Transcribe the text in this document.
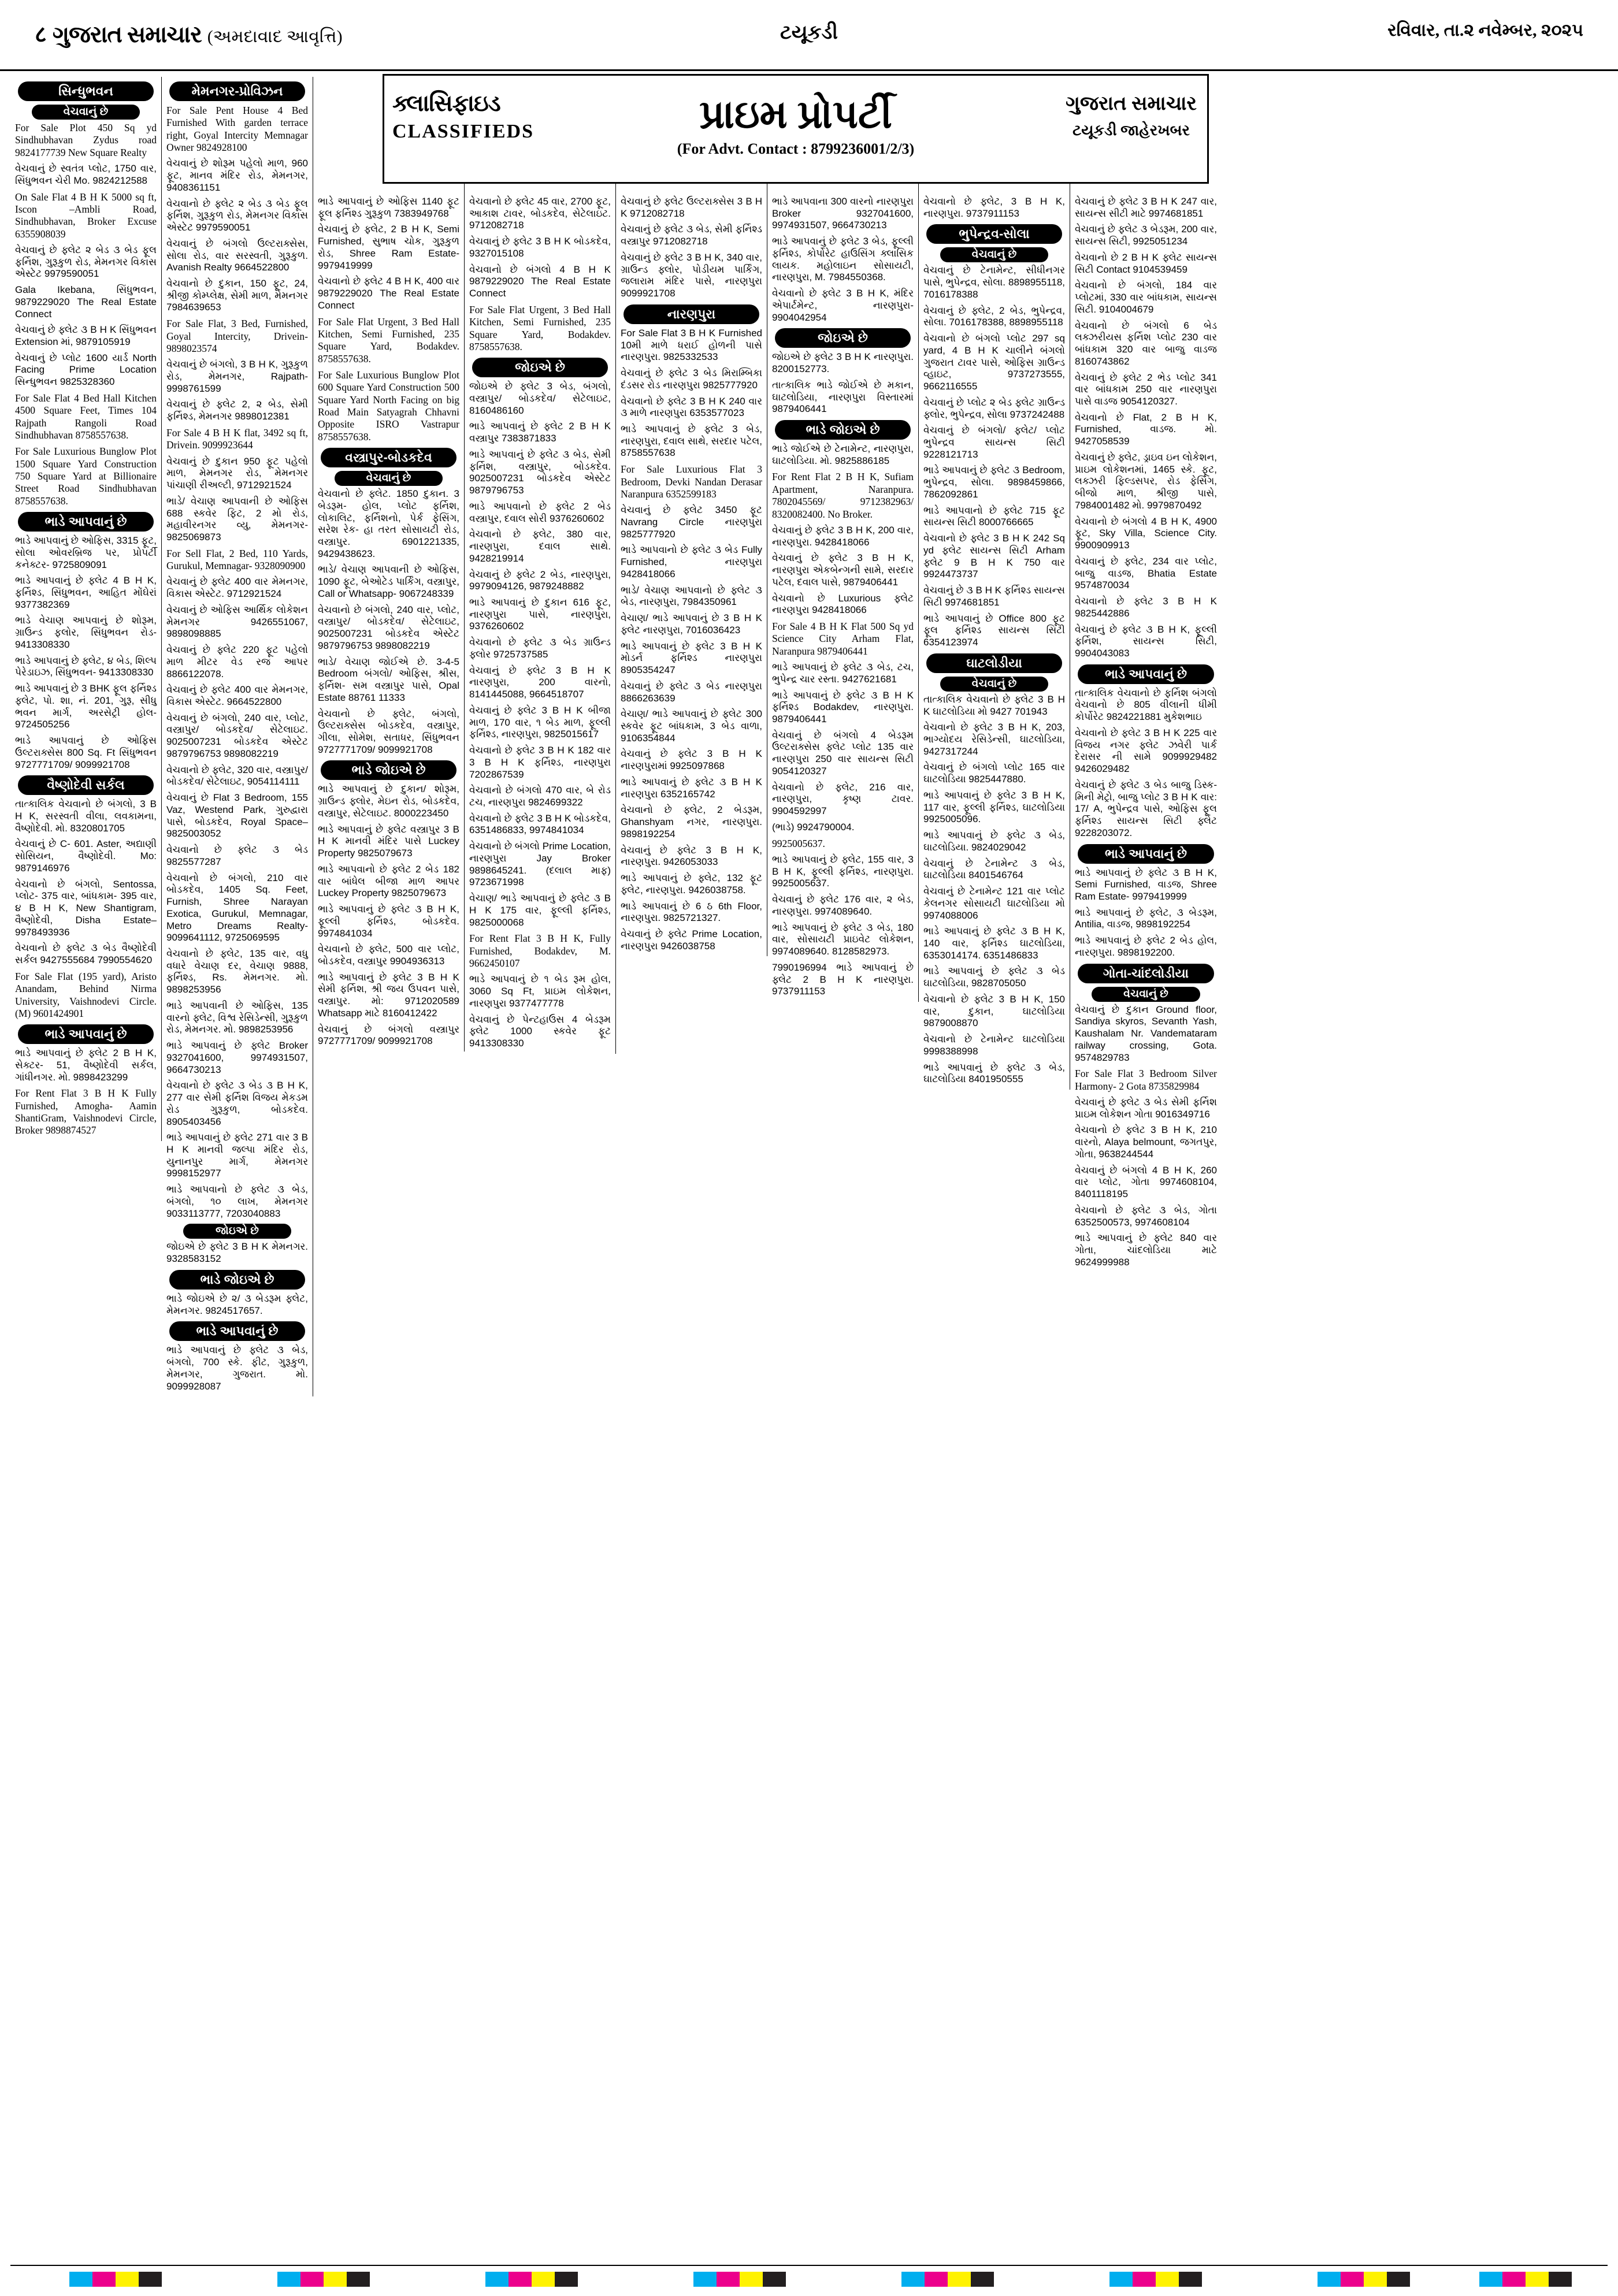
८ ગુજરાત સમાચાર (અમદાવાદ આવૃત્તિ)	ટયૂકડી	રવિવાર, તા.૨ નવેમ્બર, ૨૦૨૫
ક્લાસિફાઇડ
CLASSIFIEDS	પ્રાઇમ પ્રોપર્ટી
(For Advt. Contact : 8799236001/2/3)
ગુજરાત સમાચાર
ટયૂકડી જાહેરખબર
સિન્ધુભવન
વેચવાનું છે

For Sale Plot 450 Sq yd Sindhubhavan Zydus road 9824177739 New Square Realty

વેચવાનું છે સ્વતંત્ર પ્લોટ, 1750 વાર, સિંધુભવન ચેરી Mo. 9824212588

On Sale Flat 4 B H K 5000 sq ft, Iscon –Ambli Road, Sindhubhavan, Broker Excuse 6355908039

વેચવાનું છે ફ્લેટ ૨ બેડ ૩ બેડ ફૂલ ફર્નિશ, ગુરૂકુળ રોડ, મેમનગર વિકાસ એસ્ટેટ 9979590051

Gala Ikebana, સિંધુભવન, 9879229020 The Real Estate Connect

વેચવાનું છે ફ્લેટ ૩ B H K સિંધુભવન Extension માં, 9879105919

વેચવાનું છે પ્લોટ 1600 યાર્ડ North Facing Prime Location સિન્ધુભવન 9825328360

For Sale Flat 4 Bed Hall Kitchen 4500 Square Feet, Times 104 Rajpath Rangoli Road Sindhubhavan 8758557638.

For Sale Luxurious Bunglow Plot 1500 Square Yard Construction 750 Square Yard at Billionaire Street Road Sindhubhavan 8758557638.

ભાડે આપવાનું છે

ભાડે આપવાનું છે ઓફિસ, 3315 ફૂટ, સોલા ઓવરબ્રિજ પર, પ્રોપર્ટી કનેક્ટર- 9725809091

ભાડે આપવાનું છે ફ્લેટ 4 B H K, ફર્નિશ્ડ, સિંધુભવન, આહિત મોંઘેરાં 9377382369

ભાડે વેચાણ આપવાનું છે શોરૂમ, ગ્રાઉન્ડ ફલોર, સિંધુભવન રોડ- 9413308330

ભાડે આપવાનું છે ફ્લેટ, ૪ બેડ, શિલ્પ પેરેડાઇઝ, સિંધુભવન- 9413308330

ભાડે આપવાનું છે 3 BHK ફૂલ ફર્નિશ્ડ ફ્લેટ, પો. શા, નં. 201, ગુરૂ, સીધુ ભવન માર્ગ, અરસેટ્રી હોલ- 9724505256

ભાડે આપવાનું છે ઓફિસ ઉલ્ટરાક્સેસ 800 Sq. Ft સિંધુભવન 9727771709/ 9099921708

વૈષ્ણોદેવી સર્કલ

તાત્કાલિક વેચવાનો છે બંગલો, 3 B H K, સરસ્વતી વીલા, લવકામના, વૈષ્ણોદેવી. મો. 8320801705

વેચવાનું છે C- 601. Aster, અદ્યાણી સોસિયન, વૈષ્ણોદેવી. Mo: 9879146976

વેચવાનો છે બંગલો, Sentossa, પ્લોટ- 375 વાર, બાંધકામ- 395 વાર, ૪ B H K, New Shantigram, વૈષ્ણોદેવી, Disha Estate– 9978493936

વેચવાનો છે ફ્લેટ ૩ બેડ વૈષ્ણોદેવી સર્કલ 9427555684 7990554620

For Sale Flat (195 yard), Aristo Anandam, Behind Nirma University, Vaishnodevi Circle. (M) 9601424901

ભાડે આપવાનું છે

ભાડે આપવાનું છે ફ્લેટ 2 B H K, સેક્ટર- 51, વૈષ્ણોદેવી સર્કલ, ગાંધીનગર. મો. 9898423299

For Rent Flat 3 B H K Fully Furnished, Amogha- Aamin ShantiGram, Vaishnodevi Circle, Broker 9898874527

મેમનગર-પ્રોવિઝન

For Sale Pent House 4 Bed Furnished With garden terrace right, Goyal Intercity Memnagar Owner 9824928100

વેચવાનું છે શોરૂમ પહેલો માળ, 960 ફૂટ, માનવ મંદિર રોડ, મેમનગર, 9408361151

વેચવાનો છે ફ્લેટ ૨ બેડ ૩ બેડ ફૂલ ફર્નિશ, ગુરૂકુળ રોડ, મેમનગર વિકાસ એસ્ટેટ 9979590051

વેચવાનું છે બંગલો ઉલ્ટરાક્સેસ, સોલા રોડ, વાર સરસ્વતી, ગુરૂકુળ. Avanish Realty 9664522800

વેચવાનો છે દુકાન, 150 ફૂટ, 24, શ્રીજી કોમ્પ્લેક્ષ, સેમી માળ, મેમનગર 7984639653

For Sale Flat, 3 Bed, Furnished, Goyal Intercity, Drivein- 9898023574

વેચવાનું છે બંગલો, 3 B H K, ગુરૂકુળ રોડ, મેમનગર, Rajpath- 9998761599

વેચવાનું છે ફ્લેટ 2, ૨ બેડ, સેમી ફર્નિશ્ડ, મેમનગર 9898012381

For Sale 4 B H K flat, 3492 sq ft, Drivein. 9099923644

વેચવાનું છે દુકાન 950 ફૂટ પહેલો માળ, મેમનગર રોડ, મેમનગર પાંચાણી રીઅલ્ટી, 9712921524

ભાડે/ વેચાણ આપવાની છે ઓફિસ 688 સ્કવેર ફિટ, 2 મો રોડ, મહાવીરનગર વ્યુ, મેમનગર- 9825069873

For Sell Flat, 2 Bed, 110 Yards, Gurukul, Memnagar- 9328090900

વેચવાનું છે ફ્લેટ 400 વાર મેમનગર, વિકાસ એસ્ટેટ. 9712921524

વેચવાનું છે ઓફિસ આર્થિક લોકેશન મેમનગર 9426551067, 9898098885

વેચવાનું છે ફ્લેટ 220 ફૂટ પહેલો માળ મીટર વેડ રજ આપર 8866122078.

વેચવાનું છે ફ્લેટ 400 વાર મેમનગર, વિકાસ એસ્ટેટ. 9664522800

વેચવાનું છે બંગલો, 240 વાર, પ્લોટ, વસ્ત્રાપુર/ બોડકદેવ/ સેટેલાઇટ. 9025007231 બોડકદેવ એસ્ટેટ 9879796753 9898082219

વેચવાનો છે ફ્લેટ, 320 વાર, વસ્ત્રાપુર/ બોડકદેવ/ સેટેલાઇટ, 9054114111

વેચવાનું છે Flat 3 Bedroom, 155 Vaz, Westend Park, ગુરુદ્વારા પાસે, બોડકદેવ, Royal Space–9825003052

વેચવાનો છે ફ્લેટ ૩ બેડ 9825577287

વેચવાનો છે બંગલો, 210 વાર બોડકદેવ, 1405 Sq. Feet, Furnish, Shree Narayan Exotica, Gurukul, Memnagar, Metro Dreams Realty- 9099641112, 9725069595

વેચવાનો છે ફ્લેટ, 135 વાર, વધુ વધારે વેચાણ દર, વેચાણ 9888, ફર્નિશ્ડ, Rs. મેમનગર. મો. 9898253956

ભાડે આપવાની છે ઓફિસ, 135 વારનો ફ્લેટ, વિશ્વ રેસિડેન્સી, ગુરૂકુળ રોડ, મેમનગર. મો. 9898253956

ભાડે આપવાનું છે ફ્લેટ Broker 9327041600, 9974931507, 9664730213

વેચવાનો છે ફ્લેટ ૩ બેડ ૩ B H K, 277 વાર સેમી ફર્નિશ વિજય મેકડમ રોડ ગુરૂકુળ, બોડકદેવ. 8905403456

ભાડે આપવાનું છે ફ્લેટ 271 વાર 3 B H K માનવી જલ્પા મંદિર રોડ, યુનાનપુર માર્ગ, મેમનગર 9998152977

ભાડે આપવાનો છે ફ્લેટ ૩ બેડ, બંગલો, ૧૦ લાખ, મેમનગર 9033113777, 7203040883

જોઇએ છે

જોઇએ છે ફ્લેટ 3 B H K મેમનગર. 9328583152

ભાડે જોઇએ છે

ભાડે જોઇએ છે ૨/ ૩ બેડરૂમ ફ્લેટ, મેમનગર. 9824517657.

ભાડે આપવાનું છે

ભાડે આપવાનું છે ફ્લેટ ૩ બેડ, બંગલો, 700 સ્કે. ફીટ, ગુરૂકુળ, મેમનગર, ગુજરાત. મો. 9099928087

ભાડે આપવાનું છે ઓફિસ 1140 ફૂટ ફૂલ ફર્નિશ્ડ ગુરૂકુળ 7383949768

વેચવાનું છે ફ્લેટ, 2 B H K, Semi Furnished, સુભાષ ચોક, ગુરૂકુળ રોડ, Shree Ram Estate- 9979419999

વેચવાનો છે ફ્લેટ 4 B H K, 400 વાર 9879229020 The Real Estate Connect

For Sale Flat Urgent, 3 Bed Hall Kitchen, Semi Furnished, 235 Square Yard, Bodakdev. 8758557638.

For Sale Luxurious Bunglow Plot 600 Square Yard Construction 500 Square Yard North Facing on big Road Main Satyagrah Chhavni Opposite ISRO Vastrapur 8758557638.

વસ્ત્રાપુર-બોડકદેવ
વેચવાનું છે

વેચવાનો છે ફ્લેટ. 1850 દુકાન. 3 બેડરૂમ- હોલ, પ્લોટ ફર્નિશ, લોકાલિટ, ફર્નિશનો, પેર્ક ફેસિંગ, સરેશ રેક- હા તરત સોસાયટી રોડ, વસ્ત્રાપુર. 6901221335, 9429438623.

ભાડે/ વેચાણ આપવાની છે ઓફિસ, 1090 ફૂટ, બેઓટેડ પાર્કિંગ, વસ્ત્રાપુર, Call or Whatsapp- 9067248339

વેચવાનો છે બંગલો, 240 વાર, પ્લોટ, વસ્ત્રાપુર/ બોડકદેવ/ સેટેલાઇટ, 9025007231 બોડકદેવ એસ્ટેટ 9879796753 9898082219

ભાડે/ વેચાણ જોઈએ છે. 3-4-5 Bedroom બંગલો/ ઓફિસ, શ્રીસ, ફર્નિશ- સમ વસ્ત્રાપુર પાસે, Opal Estate 88761 11333

વેચવાનો છે ફ્લેટ, બંગલો, ઉલ્ટરાક્સેસ બોડકદેવ, વસ્ત્રાપુર, ગીલા, સોમેશ, સતાધર, સિંધુભવન 9727771709/ 9099921708

ભાડે જોઇએ છે

ભાડે આપવાનું છે દુકાન/ શોરૂમ, ગ્રાઉન્ડ ફ્લોર, મેઇન રોડ, બોડકદેવ, વસ્ત્રાપુર, સેટેલાઇટ. 8000223450

ભાડે આપવાનું છે ફ્લેટ વસ્ત્રાપુર 3 B H K માનવી મંદિર પાસે Luckey Property 9825079673

ભાડે આપવાનો છે ફ્લેટ 2 બેડ 182 વાર બાંધેલ બીજા માળ આપર Luckey Property 9825079673

ભાડે આપવાનું છે ફ્લેટ ૩ B H K, ફૂલ્લી ફર્નિશ્ડ, બોડકદેવ. 9974841034

વેચવાનો છે ફ્લેટ, 500 વાર પ્લોટ, બોડકદેવ, વસ્ત્રાપુર 9904936313

ભાડે આપવાનું છે ફ્લેટ 3 B H K સેમી ફર્નિશ, શ્રી જય ઉપવન પાસે, વસ્ત્રાપુર. મો: 9712020589 Whatsapp માટે 8160412422

વેચવાનું છે બંગલો વસ્ત્રાપુર 9727771709/ 9099921708

વેચવાનો છે ફ્લેટ 45 વાર, 2700 ફૂટ, આકાશ ટાવર, બોડકદેવ, સેટેલાઇટ. 9712082718

વેચવાનું છે ફ્લેટ 3 B H K બોડકદેવ, 9327015108

વેચવાનો છે બંગલો 4 B H K 9879229020 The Real Estate Connect

For Sale Flat Urgent, 3 Bed Hall Kitchen, Semi Furnished, 235 Square Yard, Bodakdev. 8758557638.

જોઇએ છે

જોઇએ છે ફ્લેટ 3 બેડ, બંગલો, વસ્ત્રાપુર/ બોડકદેવ/ સેટેલાઇટ, 8160486160

ભાડે આપવાનું છે ફ્લેટ 2 B H K વસ્ત્રાપુર 7383871833

ભાડે આપવાનું છે ફ્લેટ ૩ બેડ, સેમી ફર્નિશ, વસ્ત્રાપુર, બોડકદેવ. 9025007231 બોડકદેવ એસ્ટેટ 9879796753

ભાડે આપવાનો છે ફ્લેટ 2 બેડ વસ્ત્રાપુર, દવાલ સોરી 9376260602

વેચવાનો છે ફ્લેટ, 380 વાર, નારણપુરા, દવાલ સાથે. 9428219914

વેચવાનું છે ફ્લેટ 2 બેડ, નારણપુરા, 9979094126, 9879248882

ભાડે આપવાનું છે દુકાન 616 ફૂટ, નારણપુરા પાસે, નારણપુરા, 9376260602

વેચવાનો છે ફ્લેટ ૩ બેડ ગ્રાઉન્ડ ફ્લોર 9725737585

વેચવાનું છે ફ્લેટ 3 B H K નારણપુરા, 200 વારનો, 8141445088, 9664518707

વેચવાનું છે ફ્લેટ 3 B H K બીજા માળ, 170 વાર, ૧ બેડ માળ, ફૂલ્લી ફર્નિશ્ડ, નારણપુરા, 9825015617

વેચવાનો છે ફ્લેટ 3 B H K 182 વાર 3 B H K ફર્નિશ્ડ, નારણપુરા 7202867539

વેચવાનો છે બંગલો 470 વાર, બે રોડ ટચ, નારણપુરા 9824699322

વેચવાનો છે ફ્લેટ 3 B H K બોડકદેવ, 6351486833, 9974841034

વેચવાનો છે બંગલો Prime Location, નારણપુરા Jay Broker 9898645241. (દલાલ માફ) 9723671998

વેચાણ/ ભાડે આપવાનું છે ફ્લેટ ૩ B H K 175 વાર, ફૂલ્લી ફર્નિશ્ડ, 9825000068

For Rent Flat 3 B H K, Fully Furnished, Bodakdev, M. 9662450107

ભાડે આપવાનું છે ૧ બેડ રૂમ હોલ, 3060 Sq Ft, પ્રાઇમ લોકેશન, નારણપુરા 9377477778

વેચવાનું છે પેન્ટહાઉસ 4 બેડરૂમ ફ્લેટ 1000 સ્કવેર ફૂટ 9413308330

વેચવાનું છે ફ્લેટ ઉલ્ટરાક્સેસ 3 B H K 9712082718

વેચવાનું છે ફ્લેટ ૩ બેડ, સેમી ફર્નિશ્ડ વસ્ત્રાપુર 9712082718

વેચવાનું છે ફ્લેટ 3 B H K, 340 વાર, ગ્રાઉન્ડ ફ્લોર, પોડીયમ પાર્કિંગ, જલારામ મંદિર પાસે, નારણપુરા 9099921708

નારણપુરા

For Sale Flat 3 B H K Furnished 10મી માળે ધરાઈ હોળની પાસે નારણપુરા. 9825332533

વેચવાનું છે ફ્લેટ 3 બેડ મિરામ્બિકા દંડસર રોડ નારણપુરા 9825777920

વેચવાનો છે ફ્લેટ 3 B H K 240 વાર ૩ માળે નારણપુરા 6353577023

ભાડે આપવાનું છે ફ્લેટ 3 બેડ, નારણપુરા, દવાલ સાથે, સરદાર પટેલ, 8758557638

For Sale Luxurious Flat 3 Bedroom, Devki Nandan Derasar Naranpura 6352599183

વેચવાનું છે ફ્લેટ 3450 ફૂટ Navrang Circle નારણપુરા 9825777920

ભાડે આપવાનો છે ફ્લેટ ૩ બેડ Fully Furnished, નારણપુરા 9428418066

ભાડે/ વેચાણ આપવાનો છે ફ્લેટ ૩ બેડ, નારણપુરા, 7984350961

વેચાણ/ ભાડે આપવાનું છે 3 B H K ફ્લેટ નારણપુરા, 7016036423

ભાડે આપવાનું છે ફ્લેટ 3 B H K મોડર્ન ફર્નિશ્ડ નારણપુરા 8905354247

વેચવાનું છે ફ્લેટ ૩ બેડ નારણપુરા 8866263639

વેચાણ/ ભાડે આપવાનું છે ફ્લેટ 300 સ્કવેર ફૂટ બાંધકામ, 3 બેડ વાળા, 9106354844

વેચવાનું છે ફ્લેટ 3 B H K નારણપુરામાં 9925097868

ભાડે આપવાનું છે ફ્લેટ ૩ B H K નારણપુરા 6352165742

વેચવાનો છે ફ્લેટ, 2 બેડરૂમ, Ghanshyam નગર, નારણપુરા. 9898192254

વેચવાનું છે ફ્લેટ 3 B H K, નારણપુરા. 9426053033

ભાડે આપવાનું છે ફ્લેટ, 132 ફૂટ ફ્લેટ, નારણપુરા. 9426038758.

ભાડે આપવાનું છે 6 ઠ 6th Floor, નારણપુરા. 9825721327.

વેચવાનું છે ફ્લેટ Prime Location, નારણપુરા 9426038758

ભાડે આપવાના 300 વારનો નારણપુરા Broker 9327041600, 9974931507, 9664730213

ભાડે આપવાનું છે ફ્લેટ 3 બેડ, ફૂલ્લી ફર્નિશ્ડ, કોર્પોરેટ હાઉસિંગ ક્લાસિક લાયક. મહોલાઇન સોસાયટી, નારણપુરા, M. 7984550368.

વેચવાનો છે ફ્લેટ 3 B H K, મંદિર એપાર્ટમેન્ટ, નારણપુરા- 9904042954

જોઇએ છે

જોઇએ છે ફ્લેટ 3 B H K નારણપુરા. 8200152773.

તાત્કાલિક ભાડે જોઈએ છે મકાન, ઘાટલોડિયા, નારણપુરા વિસ્તારમાં 9879406441

ભાડે જોઇએ છે

ભાડે જોઈએ છે ટેનામેન્ટ, નારણપુરા, ઘાટલોડિયા. મો. 9825886185

For Rent Flat 2 B H K, Sufiam Apartment, Naranpura. 7802045569/ 9712382963/ 8320082400. No Broker.

વેચવાનું છે ફ્લેટ 3 B H K, 200 વાર, નારણપુરા. 9428418066

વેચવાનું છે ફ્લેટ 3 B H K, નારણપુરા એકબેન્ગની સામે, સરદાર પટેલ, દવાલ પાસે, 9879406441

વેચવાનો છે Luxurious ફ્લેટ નારણપુરા 9428418066

For Sale 4 B H K Flat 500 Sq yd Science City Arham Flat, Naranpura 9879406441

ભાડે આપવાનું છે ફ્લેટ ૩ બેડ, ટચ, ભુપેન્દ્ર ચાર રસ્તા. 9427621681

ભાડે આપવાનું છે ફ્લેટ ૩ B H K ફર્નિશ્ડ Bodakdev, નારણપુરા. 9879406441

વેચવાનું છે બંગલો 4 બેડરૂમ ઉલ્ટરાક્સેસ ફ્લેટ પ્લોટ 135 વાર નારણપુરા 250 વાર સાયન્સ સિટી 9054120327

વેચવાનો છે ફ્લેટ, 216 વાર, નારણપુરા, કૃષ્ણ ટાવર. 9904592997

(ભાડે) 9924790004.

9925005637.

ભાડે આપવાનું છે ફ્લેટ, 155 વાર, 3 B H K, ફૂલ્લી ફર્નિશ્ડ, નારણપુરા. 9925005637.

વેચવાનું છે ફ્લેટ 176 વાર, ૨ બેડ, નારણપુરા. 9974089640.

ભાડે આપવાનું છે ફ્લેટ ૩ બેડ, 180 વાર, સોસાયટી પ્રાઇવેટ લોકેશન, 9974089640. 8128582973.

7990196994 ભાડે આપવાનું છે ફ્લેટ 2 B H K નારણપુરા. 9737911153

વેચવાનો છે ફ્લેટ, 3 B H K, નારણપુરા. 9737911153

ભુપેન્દ્રવ-સોલા
વેચવાનું છે

વેચવાનું છે ટેનામેન્ટ, સીધીનગર પાસે, ભુપેન્દ્રવ, સોલા. 8898955118, 7016178388

વેચવાનું છે ફ્લેટ, 2 બેડ, ભુપેન્દ્રવ, સોલા. 7016178388, 8898955118

વેચવાનો છે બંગલો પ્લોટ 297 sq yard, 4 B H K ચાલીને બંગલો ગુજરાત ટાવર પાસે, ઓફિસ ગ્રાઉન્ડ વ્હાઇટ, 9737273555, 9662116555

વેચવાનું છે પ્લોટ ૨ બેડ ફ્લેટ ગ્રાઉન્ડ ફ્લોર, ભુપેન્દ્રવ, સોલા 9737242488

વેચવાનું છે બંગલો/ ફ્લેટ/ પ્લોટ ભુપેન્દ્રવ સાયન્સ સિટી 9228121713

ભાડે આપવાનું છે ફ્લેટ ૩ Bedroom, ભુપેન્દ્રવ, સોલા. 9898459866, 7862092861

ભાડે આપવાનો છે ફ્લેટ 715 ફૂટ સાયન્સ સિટી 8000766665

વેચવાનો છે ફ્લેટ 3 B H K 242 Sq yd ફ્લેટ સાયન્સ સિટી Arham ફ્લેટ 9 B H K 750 વાર 9924473737

વેચવાનું છે ૩ B H K ફર્નિશ્ડ સાયન્સ સિટી 9974681851

ભાડે આપવાનું છે Office 800 ફૂટ ફૂલ ફર્નિશ્ડ સાયન્સ સિટી 6354123974

ઘાટલોડીયા
વેચવાનું છે

તાત્કાલિક વેચવાનો છે ફ્લેટ 3 B H K ઘાટલોડિયા મો 9427 701943

વેચવાનો છે ફ્લેટ 3 B H K, 203, ભાગ્યોદય રેસિડેન્સી, ઘાટલોડિયા, 9427317244

વેચવાનું છે બંગલો પ્લોટ 165 વાર ઘાટલોડિયા 9825447880.

ભાડે આપવાનું છે ફ્લેટ 3 B H K, 117 વાર, ફૂલ્લી ફર્નિશ્ડ, ઘાટલોડિયા 9925005096.

ભાડે આપવાનું છે ફ્લેટ ૩ બેડ, ઘાટલોડિયા. 9824029042

વેચવાનું છે ટેનામેન્ટ ૩ બેડ, ઘાટલોડિયા 8401546764

વેચવાનું છે ટેનામેન્ટ 121 વાર પ્લોટ કેલનગર સોસાયટી ઘાટલોડિયા મો 9974088006

ભાડે આપવાનું છે ફ્લેટ ૩ B H K, 140 વાર, ફર્નિશ્ડ ઘાટલોડિયા, 6353014174. 6351486833

ભાડે આપવાનું છે ફ્લેટ ૩ બેડ ઘાટલોડિયા, 9828705050

વેચવાનો છે ફ્લેટ 3 B H K, 150 વાર, દુકાન, ઘાટલોડિયા 9879008870

વેચવાનો છે ટેનામેન્ટ ઘાટલોડિયા 9998388998

ભાડે આપવાનું છે ફ્લેટ ૩ બેડ, ઘાટલોડિયા 8401950555

વેચવાનું છે ફ્લેટ 3 B H K 247 વાર, સાયન્સ સીટી માટે 9974681851

વેચવાનું છે ફ્લેટ ૩ બેડરૂમ, 200 વાર, સાયન્સ સિટી, 9925051234

વેચવાનો છે 2 B H K ફ્લેટ સાયન્સ સિટી Contact 9104539459

વેચવાનો છે બંગલો, 184 વાર પ્લોટમાં, 330 વાર બાંધકામ, સાયન્સ સિટી. 9104004679

વેચવાનો છે બંગલો 6 બેડ લક્ઝરીયસ ફર્નિશ પ્લોટ 230 વાર બાંધકામ 320 વાર બાજુ વાડજ 8160743862

વેચવાનું છે ફ્લેટ 2 ભેડ પ્લોટ 341 વાર બાંધકામ 250 વાર નારણપુરા પાસે વાડજ 9054120327.

વેચવાનો છે Flat, 2 B H K, Furnished, વાડજ. મો. 9427058539

વેચવાનું છે ફ્લેટ, ડ્રાઇવ ઇન લોકેશન, પ્રાઇમ લોકેશનમાં, 1465 સ્કે. ફૂટ, લક્ઝરી ફિલ્ડસપર, રોડ ફેસિંગ, બીજો માળ, શ્રીજી પાસે, 7984001482 મો. 9979870492

વેચવાનો છે બંગલો 4 B H K, 4900 ફૂટ, Sky Villa, Science City. 9900909913

વેચવાનું છે ફ્લેટ, 234 વાર પ્લોટ, બાજુ વાડજ, Bhatia Estate 9574870034

વેચવાનો છે ફ્લેટ 3 B H K 9825442886

વેચવાનું છે ફ્લેટ ૩ B H K, ફૂલ્લી ફર્નિશ, સાયન્સ સિટી, 9904043083

ભાડે આપવાનું છે

તાત્કાલિક વેચવાનો છે ફર્નિશ બંગલો વેચવાનો છે 805 વીલાની ધીમી કોર્પોરેટ 9824221881 મુકેશભાઇ

વેચવાનો છે ફ્લેટ 3 B H K 225 વાર વિજય નગર ફ્લેટ ઝવેરી પાર્ક દેરાસર ની સામે 9099929482 9426029482

વેચવાનું છે ફ્લેટ ૩ બેડ બાજુ ડિસ્ક- મિની મેટ્રો, બાજુ પ્લોટ 3 B H K વાર: 17/ A, ભુપેન્દ્રવ પાસે, ઓફિસ ફૂલ ફર્નિશ્ડ સાયન્સ સિટી ફ્લેટ 9228203072.

ભાડે આપવાનું છે

ભાડે આપવાનું છે ફ્લેટ ૩ B H K, Semi Furnished, વાડજ, Shree Ram Estate- 9979419999

ભાડે આપવાનું છે ફ્લેટ, ૩ બેડરૂમ, Antilia, વાડજ, 9898192254

ભાડે આપવાનું છે ફ્લેટ 2 બેડ હોલ, નારણપુરા. 9898192200.

ગોતા-ચાંદલોડીયા
વેચવાનું છે

વેચવાનું છે દુકાન Ground floor, Sandiya skyros, Sevanth Yash, Kaushalam Nr. Vandemataram railway crossing, Gota. 9574829783

For Sale Flat 3 Bedroom Silver Harmony- 2 Gota 8735829984

વેચવાનું છે ફ્લેટ ૩ બેડ સેમી ફર્નિશ પ્રાઇમ લોકેશન ગોતા 9016349716

વેચવાનો છે ફ્લેટ 3 B H K, 210 વારનો, Alaya belmount, જગતપુર, ગોતા, 9638244544

વેચવાનું છે બંગલો 4 B H K, 260 વાર પ્લોટ, ગોતા 9974608104, 8401118195

વેચવાનો છે ફ્લેટ ૩ બેડ, ગોતા 6352500573, 9974608104

ભાડે આપવાનું છે ફ્લેટ 840 વાર ગોતા, ચાંદલોડિયા માટે 9624999988
